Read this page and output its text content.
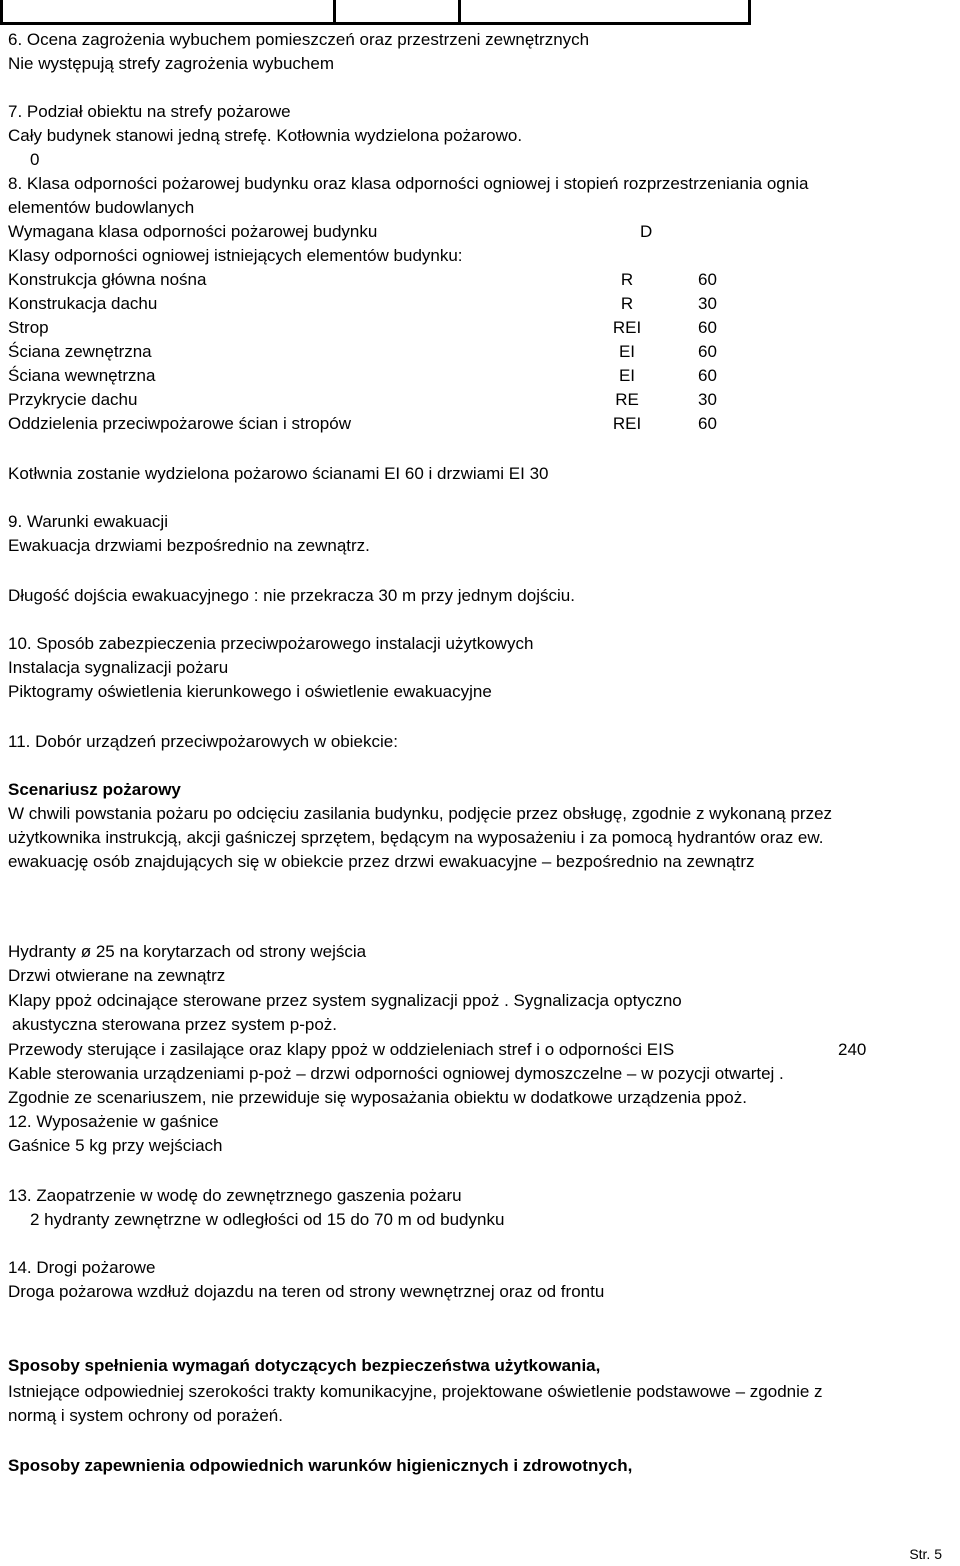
6. Ocena zagrożenia wybuchem pomieszczeń oraz przestrzeni zewnętrznych
Nie występują strefy zagrożenia wybuchem
7. Podział obiektu na strefy pożarowe
Cały budynek stanowi jedną strefę. Kotłownia wydzielona pożarowo.
0
8. Klasa odporności pożarowej budynku oraz klasa odporności ogniowej i stopień rozprzestrzeniania ognia
elementów budowlanych
Wymagana klasa odporności pożarowej budynku	D
Klasy odporności ogniowej istniejących elementów budynku:
Konstrukcja główna nośna	R	60
Konstrukacja dachu	R	30
Strop	REI	60
Ściana zewnętrzna	EI	60
Ściana wewnętrzna	EI	60
Przykrycie dachu	RE	30
Oddzielenia przeciwpożarowe ścian i stropów	REI	60
Kotłwnia zostanie wydzielona pożarowo ścianami EI 60 i drzwiami EI 30
9. Warunki ewakuacji
Ewakuacja drzwiami bezpośrednio na zewnątrz.
Długość dojścia ewakuacyjnego : nie przekracza 30 m przy jednym dojściu.
10. Sposób zabezpieczenia przeciwpożarowego instalacji użytkowych
Instalacja sygnalizacji pożaru
Piktogramy oświetlenia kierunkowego i oświetlenie ewakuacyjne
11. Dobór urządzeń przeciwpożarowych w obiekcie:
Scenariusz pożarowy
W chwili powstania pożaru po odcięciu zasilania budynku, podjęcie przez obsługę, zgodnie z wykonaną przez
użytkownika instrukcją, akcji gaśniczej sprzętem, będącym na wyposażeniu i za pomocą hydrantów oraz ew.
ewakuację osób znajdujących się w obiekcie przez drzwi ewakuacyjne – bezpośrednio na zewnątrz
Hydranty ø 25 na korytarzach od strony wejścia
Drzwi otwierane na zewnątrz
Klapy ppoż odcinające sterowane przez system sygnalizacji ppoż . Sygnalizacja optyczno
akustyczna sterowana przez system p-poż.
Przewody sterujące i zasilające oraz klapy ppoż w oddzieleniach stref i o odporności EIS	240
Kable sterowania urządzeniami p-poż – drzwi odporności ogniowej dymoszczelne – w pozycji otwartej .
Zgodnie ze scenariuszem, nie przewiduje się wyposażania obiektu w dodatkowe urządzenia ppoż.
12. Wyposażenie w gaśnice
Gaśnice 5 kg przy wejściach
13. Zaopatrzenie w wodę do zewnętrznego gaszenia pożaru
2 hydranty zewnętrzne w odległości od 15 do 70 m od budynku
14. Drogi pożarowe
Droga pożarowa wzdłuż dojazdu na teren od strony wewnętrznej oraz od frontu
Sposoby spełnienia wymagań dotyczących bezpieczeństwa użytkowania,
Istniejące odpowiedniej szerokości trakty komunikacyjne, projektowane oświetlenie podstawowe – zgodnie z
normą i system ochrony od porażeń.
Sposoby zapewnienia odpowiednich warunków higienicznych i zdrowotnych,
Str. 5
